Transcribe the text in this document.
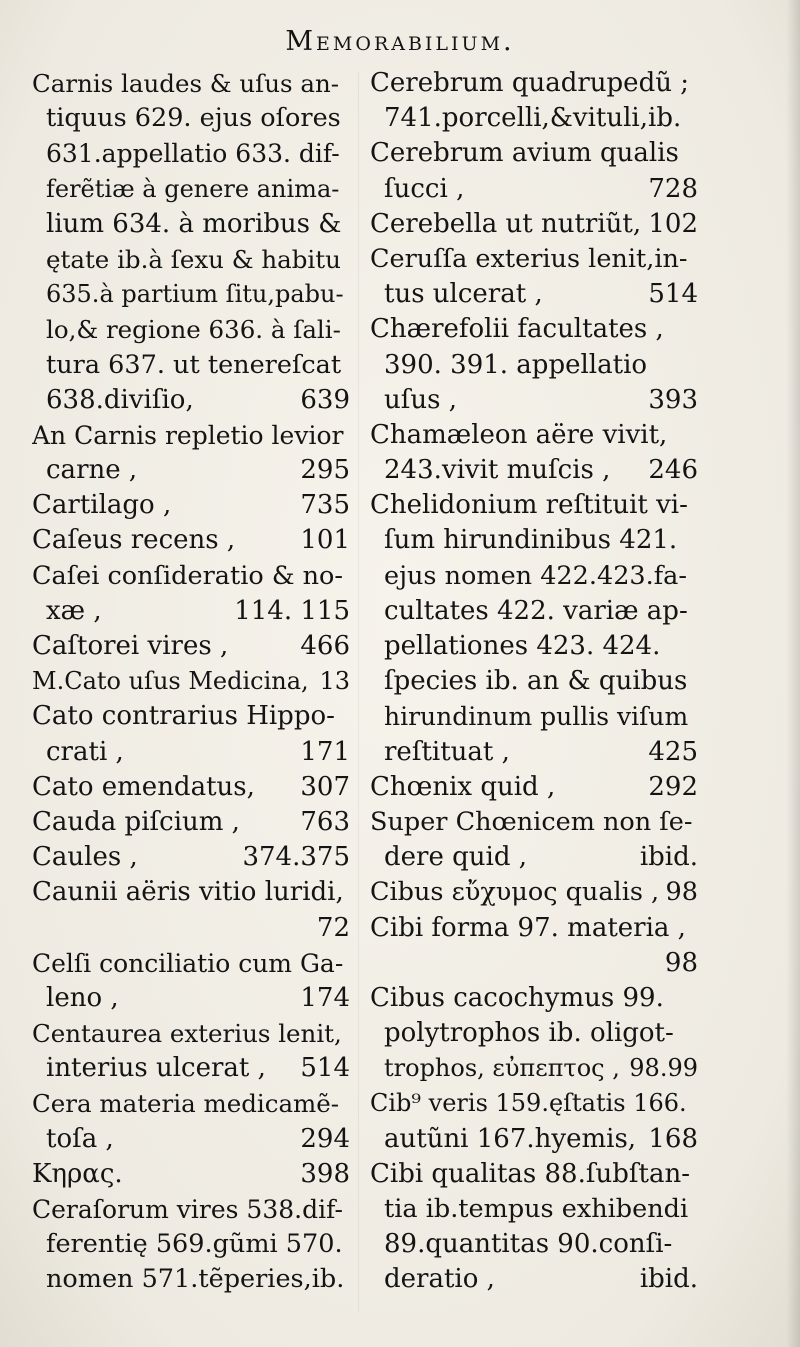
Memorabilium.
Carnis laudes & uſus an-
tiquus 629. ejus oſores
631.appellatio 633. dif-
ferẽtiæ à genere anima-
lium 634. à moribus &
ętate ib.à ſexu & habitu
635.à partium ſitu,pabu-
lo,& regione 636. à ſali-
tura 637. ut tenereſcat
638.diviſio,	639
An Carnis repletio levior
carne ,	295
Cartilago ,	735
Caſeus recens ,	101
Caſei conſideratio & no-
xæ ,	114. 115
Caſtorei vires ,	466
M.Cato uſus Medicina, 13
Cato contrarius Hippo-
crati ,	171
Cato emendatus, 307
Cauda piſcium , 763
Caules ,	374.375
Caunii aëris vitio luridi,
72
Celſi conciliatio cum Ga-
leno ,	174
Centaurea exterius lenit,
interius ulcerat , 514
Cera materia medicamẽ-
toſa ,	294
Κηρας.	398
Ceraſorum vires 538.dif-
ferentię 569.gũmi 570.
nomen 571.tẽperies,ib.
Cerebrum quadrupedũ ;
741.porcelli,&vituli,ib.
Cerebrum avium qualis
ſucci ,	728
Cerebella ut nutriũt, 102
Ceruſſa exterius lenit,in-
tus ulcerat ,	514
Chærefolii facultates ,
390. 391. appellatio
uſus ,	393
Chamæleon aëre vivit,
243.vivit muſcis , 246
Chelidonium reſtituit vi-
ſum hirundinibus 421.
ejus nomen 422.423.fa-
cultates 422. variæ ap-
pellationes 423. 424.
ſpecies ib. an & quibus
hirundinum pullis viſum
reſtituat ,	425
Chœnix quid ,	292
Super Chœnicem non ſe-
dere quid ,	ibid.
Cibus εὔχυμος qualis , 98
Cibi forma 97. materia ,
98
Cibus cacochymus 99.
polytrophos ib. oligot-
trophos, εὐπεπτος , 98.99
Cib⁹ veris 159.ęſtatis 166.
autũni 167.hyemis, 168
Cibi qualitas 88.ſubſtan-
tia ib.tempus exhibendi
89.quantitas 90.conſi-
deratio ,	ibid.
